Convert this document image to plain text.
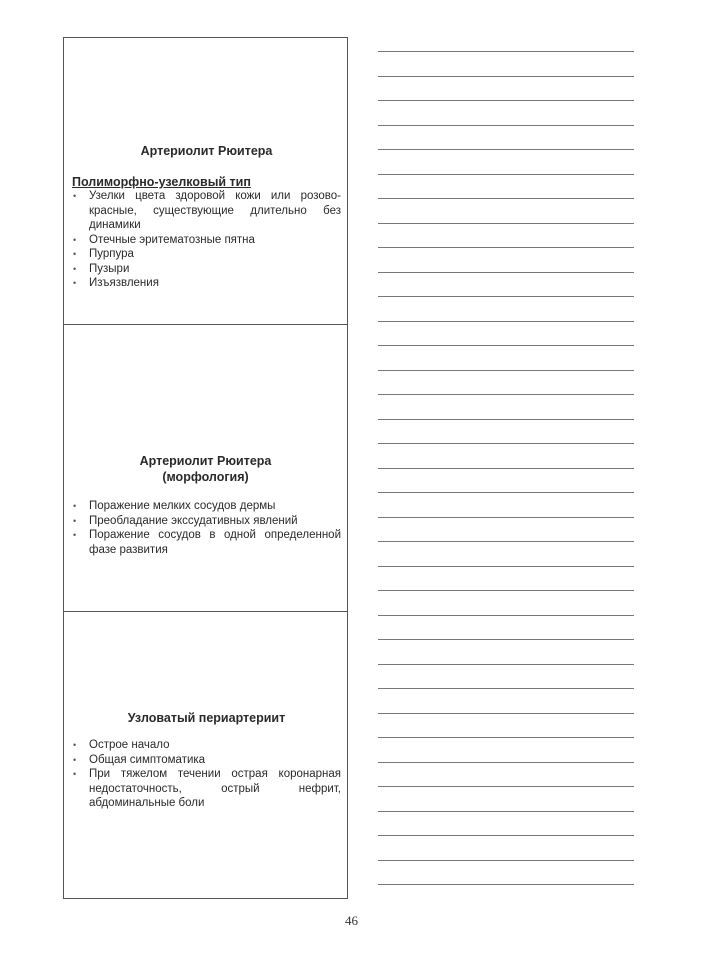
Артериолит Рюитера

Полиморфно-узелковый тип

• Узелки цвета здоровой кожи или розово-красные, существующие длительно без динамики
• Отечные эритематозные пятна
• Пурпура
• Пузыри
• Изъязвления

Артериолит Рюитера (морфология)

• Поражение мелких сосудов дермы
• Преобладание экссудативных явлений
• Поражение сосудов в одной определенной фазе развития

Узловатый периартериит

• Острое начало
• Общая симптоматика
• При тяжелом течении острая коронарная недостаточность, острый нефрит, абдоминальные боли
46
